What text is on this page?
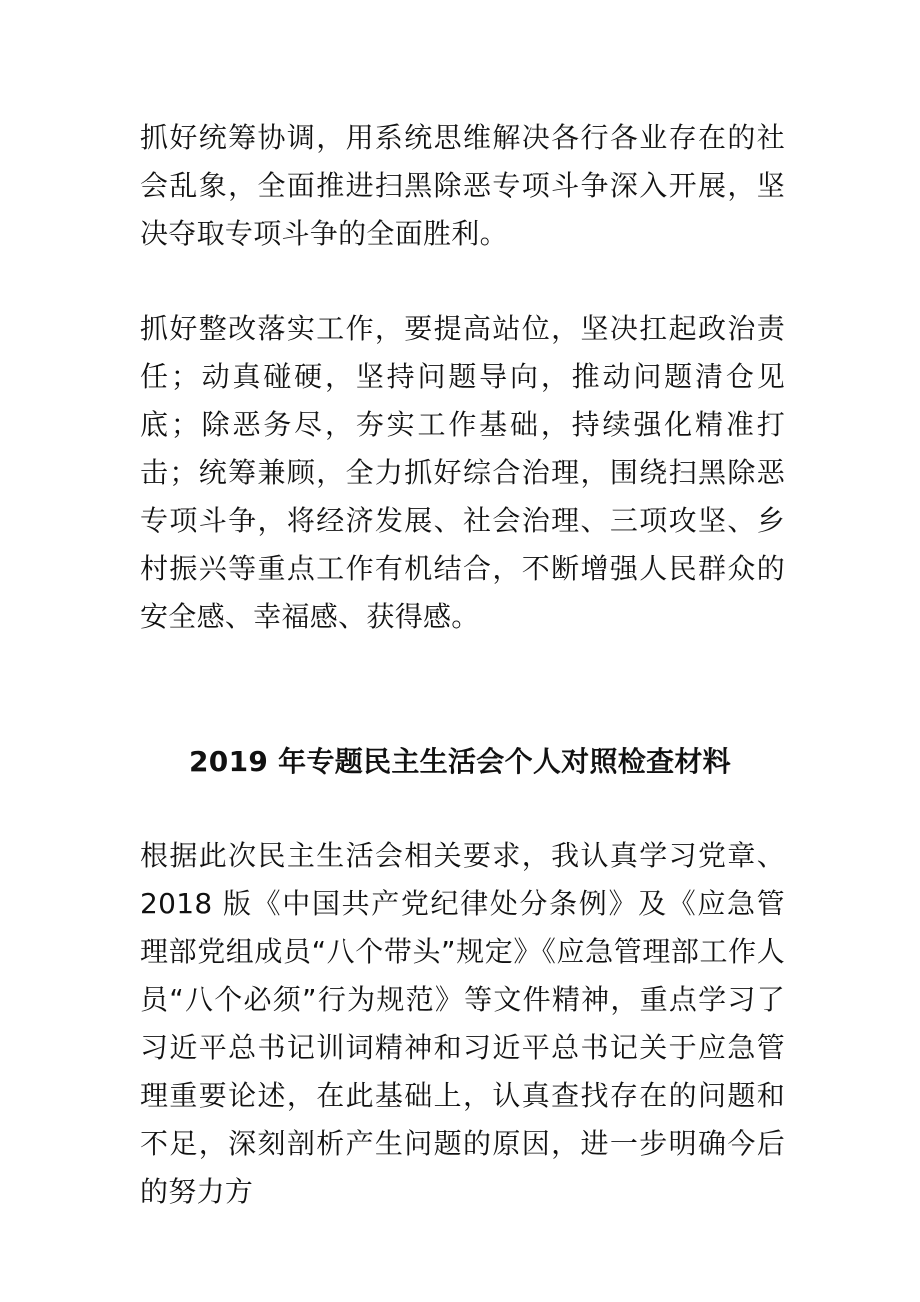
抓好统筹协调，用系统思维解决各行各业存在的社会乱象，全面推进扫黑除恶专项斗争深入开展，坚决夺取专项斗争的全面胜利。

抓好整改落实工作，要提高站位，坚决扛起政治责任；动真碰硬，坚持问题导向，推动问题清仓见底；除恶务尽，夯实工作基础，持续强化精准打击；统筹兼顾，全力抓好综合治理，围绕扫黑除恶专项斗争，将经济发展、社会治理、三项攻坚、乡村振兴等重点工作有机结合，不断增强人民群众的安全感、幸福感、获得感。

2019 年专题民主生活会个人对照检查材料

根据此次民主生活会相关要求，我认真学习党章、2018 版《中国共产党纪律处分条例》及《应急管理部党组成员“八个带头”规定》《应急管理部工作人员“八个必须”行为规范》等文件精神，重点学习了习近平总书记训词精神和习近平总书记关于应急管理重要论述，在此基础上，认真查找存在的问题和不足，深刻剖析产生问题的原因，进一步明确今后的努力方
